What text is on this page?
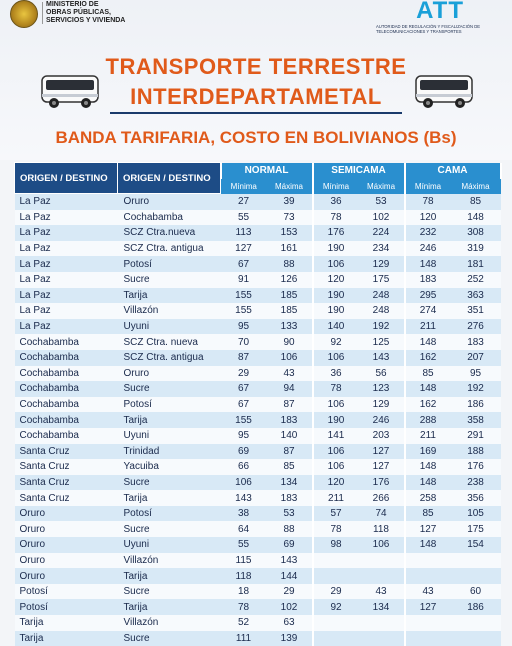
MINISTERIO DE
OBRAS PÚBLICAS,
SERVICIOS Y VIVIENDA	ATT
AUTORIDAD DE REGULACIÓN Y FISCALIZACIÓN DE TELECOMUNICACIONES Y TRANSPORTES
TRANSPORTE TERRESTRE
INTERDEPARTAMETAL
BANDA TARIFARIA, COSTO EN BOLIVIANOS (Bs)
ORIGEN / DESTINO	ORIGEN / DESTINO	NORMAL		SEMICAMA		CAMA	
		Mínima	Máxima	Mínima	Máxima	Mínima	Máxima
La Paz	Oruro	27	39	36	53	78	85
La Paz	Cochabamba	55	73	78	102	120	148
La Paz	SCZ Ctra.nueva	113	153	176	224	232	308
La Paz	SCZ Ctra. antigua	127	161	190	234	246	319
La Paz	Potosí	67	88	106	129	148	181
La Paz	Sucre	91	126	120	175	183	252
La Paz	Tarija	155	185	190	248	295	363
La Paz	Villazón	155	185	190	248	274	351
La Paz	Uyuni	95	133	140	192	211	276
Cochabamba	SCZ Ctra. nueva	70	90	92	125	148	183
Cochabamba	SCZ Ctra. antigua	87	106	106	143	162	207
Cochabamba	Oruro	29	43	36	56	85	95
Cochabamba	Sucre	67	94	78	123	148	192
Cochabamba	Potosí	67	87	106	129	162	186
Cochabamba	Tarija	155	183	190	246	288	358
Cochabamba	Uyuni	95	140	141	203	211	291
Santa Cruz	Trinidad	69	87	106	127	169	188
Santa Cruz	Yacuiba	66	85	106	127	148	176
Santa Cruz	Sucre	106	134	120	176	148	238
Santa Cruz	Tarija	143	183	211	266	258	356
Oruro	Potosí	38	53	57	74	85	105
Oruro	Sucre	64	88	78	118	127	175
Oruro	Uyuni	55	69	98	106	148	154
Oruro	Villazón	115	143				
Oruro	Tarija	118	144				
Potosí	Sucre	18	29	29	43	43	60
Potosí	Tarija	78	102	92	134	127	186
Tarija	Villazón	52	63				
Tarija	Sucre	111	139				
